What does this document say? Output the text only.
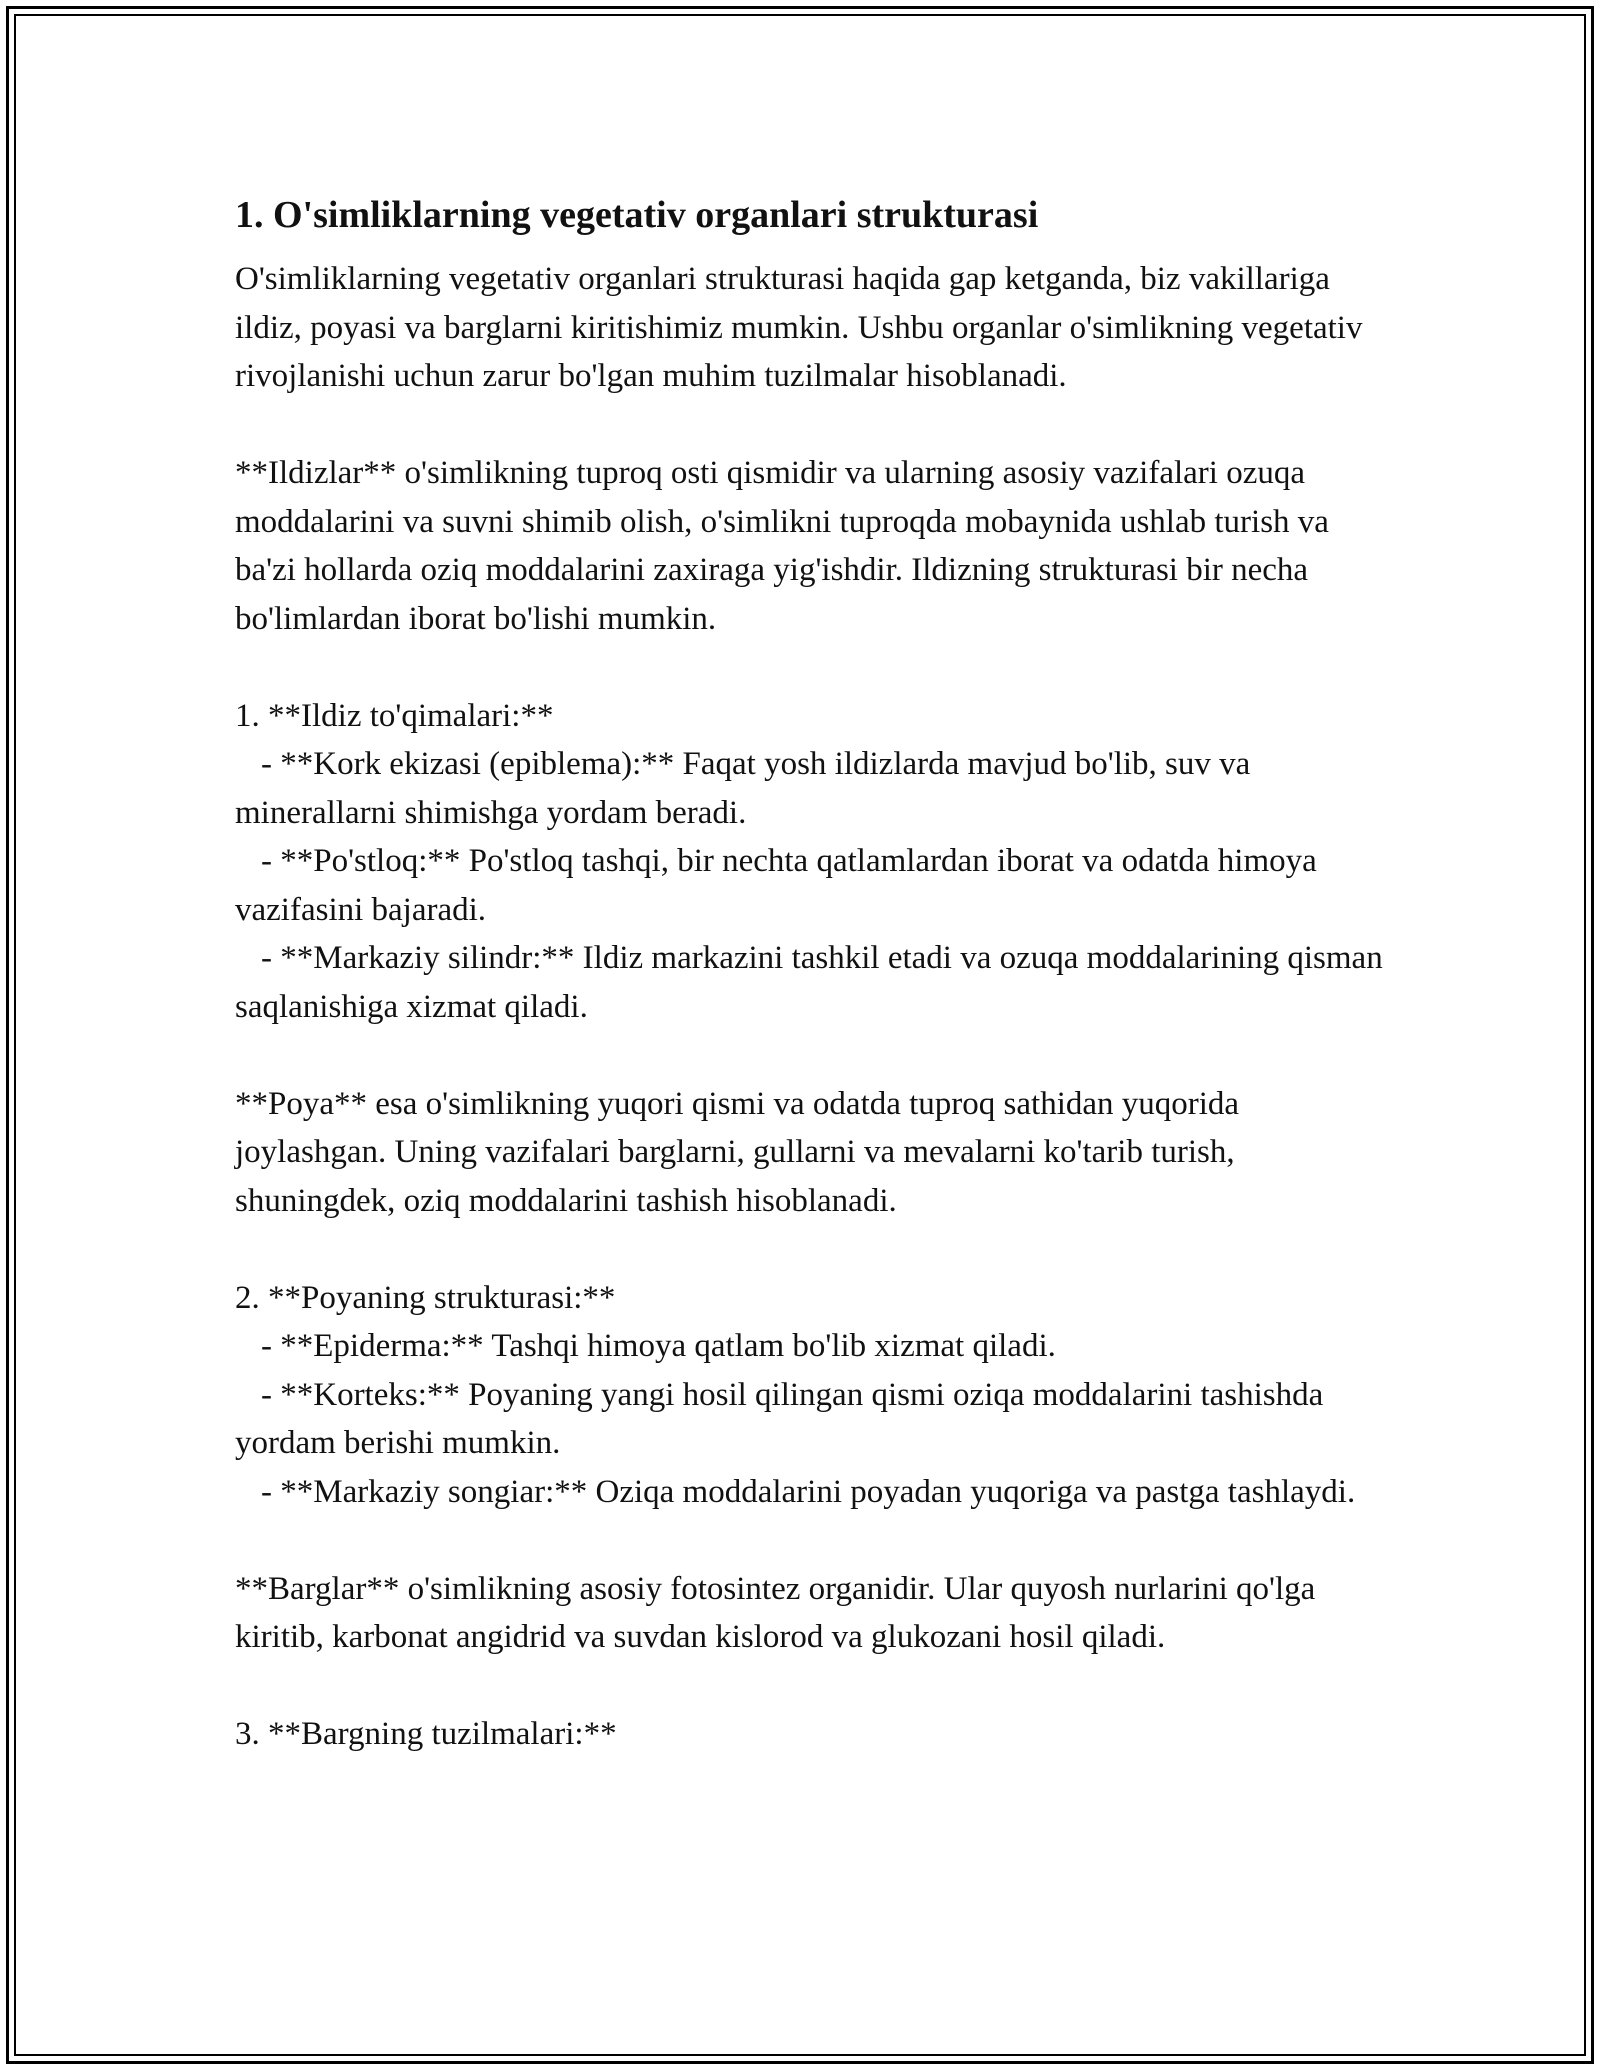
1. O'simliklarning vegetativ organlari strukturasi
O'simliklarning vegetativ organlari strukturasi haqida gap ketganda, biz vakillariga ildiz, poyasi va barglarni kiritishimiz mumkin. Ushbu organlar o'simlikning vegetativ rivojlanishi uchun zarur bo'lgan muhim tuzilmalar hisoblanadi.
**Ildizlar** o'simlikning tuproq osti qismidir va ularning asosiy vazifalari ozuqa moddalarini va suvni shimib olish, o'simlikni tuproqda mobaynida ushlab turish va ba'zi hollarda oziq moddalarini zaxiraga yig'ishdir. Ildizning strukturasi bir necha bo'limlardan iborat bo'lishi mumkin.
1. **Ildiz to'qimalari:**
- **Kork ekizasi (epiblema):** Faqat yosh ildizlarda mavjud bo'lib, suv va minerallarni shimishga yordam beradi.
- **Po'stloq:** Po'stloq tashqi, bir nechta qatlamlardan iborat va odatda himoya vazifasini bajaradi.
- **Markaziy silindr:** Ildiz markazini tashkil etadi va ozuqa moddalarining qisman saqlanishiga xizmat qiladi.
**Poya** esa o'simlikning yuqori qismi va odatda tuproq sathidan yuqorida joylashgan. Uning vazifalari barglarni, gullarni va mevalarni ko'tarib turish, shuningdek, oziq moddalarini tashish hisoblanadi.
2. **Poyaning strukturasi:**
- **Epiderma:** Tashqi himoya qatlam bo'lib xizmat qiladi.
- **Korteks:** Poyaning yangi hosil qilingan qismi oziqa moddalarini tashishda yordam berishi mumkin.
- **Markaziy songiar:** Oziqa moddalarini poyadan yuqoriga va pastga tashlaydi.
**Barglar** o'simlikning asosiy fotosintez organidir. Ular quyosh nurlarini qo'lga kiritib, karbonat angidrid va suvdan kislorod va glukozani hosil qiladi.
3. **Bargning tuzilmalari:**
